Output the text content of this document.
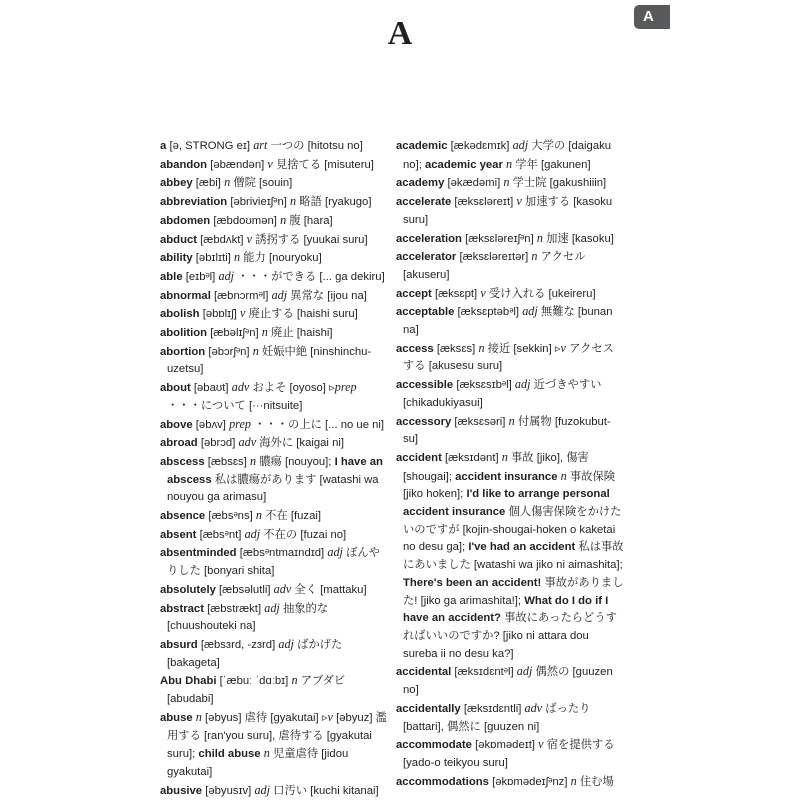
A	A

a [ə, STRONG eɪ] art 一つの [hitotsu no]

abandon [əbændən] v 見捨てる [misuteru]

abbey [æbi] n 僧院 [souin]

abbreviation [əbriviеɪʃᵊn] n 略語 [ryakugo]

abdomen [æbdoʊmən] n 腹 [hara]

abduct [æbdʌkt] v 誘拐する [yuukai suru]

ability [əbɪlɪti] n 能力 [nouryoku]

able [eɪbᵊl] adj ・・・ができる [... ga dekiru]

abnormal [æbnɔrmᵊl] adj 異常な [ijou na]

abolish [əbɒlɪʃ] v 廃止する [haishi suru]

abolition [æbəlɪʃᵊn] n 廃止 [haishi]

abortion [əbɔrʃᵊn] n 妊娠中絶 [ninshinchu-uzetsu]

about [əbaʊt] adv およそ [oyoso] ▹prep ・・・について [···nitsuite]

above [əbʌv] prep ・・・の上に [... no ue ni]

abroad [əbrɔd] adv 海外に [kaigai ni]

abscess [æbsɛs] n 膿瘍 [nouyou]; I have an abscess 私は膿瘍があります [watashi wa nouyou ga arimasu]

absence [æbsᵊns] n 不在 [fuzai]

absent [æbsᵊnt] adj 不在の [fuzai no]

absentminded [æbsᵊntmaɪndɪd] adj ぼんやりした [bonyari shita]

absolutely [æbsəlutli] adv 全く [mattaku]

abstract [æbstrækt] adj 抽象的な [chuushouteki na]

absurd [æbsɜrd, -zɜrd] adj ばかげた [bakageta]

Abu Dhabi [ˈæbuː ˈdɑːbɪ] n アブダビ [abudabi]

abuse n [əbyus] 虐待 [gyakutai] ▹v [əbyuz] 濫用する [ran'you suru], 虐待する [gyakutai suru]; child abuse n 児童虐待 [jidou gyakutai]

abusive [əbyusɪv] adj 口汚い [kuchi kitanai]

academic [ækədɛmɪk] adj 大学の [daigaku no]; academic year n 学年 [gakunen]

academy [əkædəmi] n 学士院 [gakushiiin]

accelerate [æksɛləreɪt] v 加速する [kasoku suru]

acceleration [æksɛləreɪʃᵊn] n 加速 [kasoku]

accelerator [æksɛləreɪtər] n アクセル [akuseru]

accept [æksɛpt] v 受け入れる [ukeireru]

acceptable [æksɛptəbᵊl] adj 無難な [bunan na]

access [æksɛs] n 接近 [sekkin] ▹v アクセスする [akusesu suru]

accessible [æksɛsɪbᵊl] adj 近づきやすい [chikadukiyasui]

accessory [æksɛsəri] n 付属物 [fuzokubut-su]

accident [æksɪdənt] n 事故 [jiko], 傷害 [shougai]; accident insurance n 事故保険 [jiko hoken]; I'd like to arrange personal accident insurance 個人傷害保険をかけたいのですが [kojin-shougai-hoken o kaketai no desu ga]; I've had an accident 私は事故にあいました [watashi wa jiko ni aimashita]; There's been an accident! 事故がありました! [jiko ga arimashita!]; What do I do if I have an accident? 事故にあったらどうすればいいのですか? [jiko ni attara dou sureba ii no desu ka?]

accidental [æksɪdɛntᵊl] adj 偶然の [guuzen no]

accidentally [æksɪdɛntli] adv ばったり [battari], 偶然に [guuzen ni]

accommodate [əkɒmədeɪt] v 宿を提供する [yado-o teikyou suru]

accommodations [əkɒmədeɪʃᵊnz] n 住む場
